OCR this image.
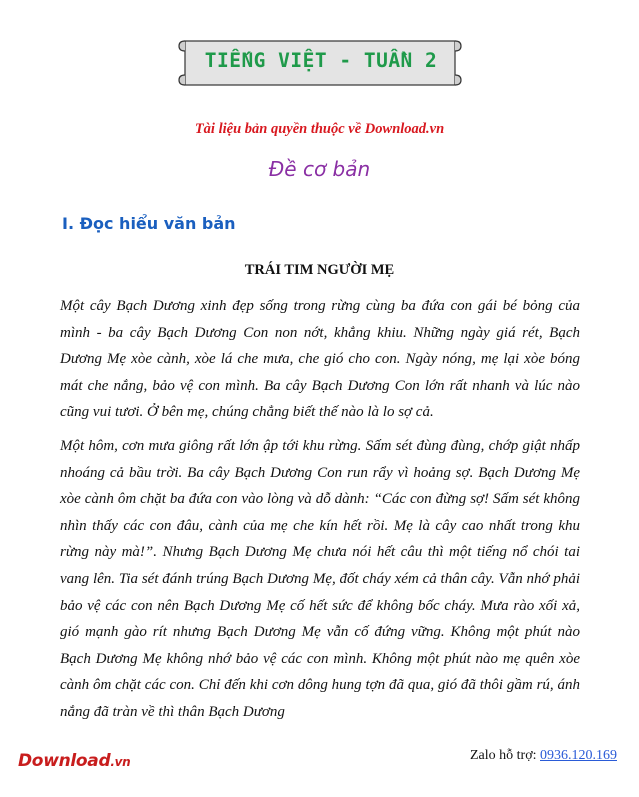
TIẾNG VIỆT - TUẦN 2
Tài liệu bản quyền thuộc về Download.vn
Đề cơ bản
I. Đọc hiểu văn bản
TRÁI TIM NGƯỜI MẸ
Một cây Bạch Dương xinh đẹp sống trong rừng cùng ba đứa con gái bé bỏng của mình - ba cây Bạch Dương Con non nớt, khẳng khiu. Những ngày giá rét, Bạch Dương Mẹ xòe cành, xòe lá che mưa, che gió cho con. Ngày nóng, mẹ lại xòe bóng mát che nắng, bảo vệ con mình. Ba cây Bạch Dương Con lớn rất nhanh và lúc nào cũng vui tươi. Ở bên mẹ, chúng chẳng biết thế nào là lo sợ cả.
Một hôm, cơn mưa giông rất lớn ập tới khu rừng. Sấm sét đùng đùng, chớp giật nhấp nhoáng cả bầu trời. Ba cây Bạch Dương Con run rẩy vì hoảng sợ. Bạch Dương Mẹ xòe cành ôm chặt ba đứa con vào lòng và dỗ dành: “Các con đừng sợ! Sấm sét không nhìn thấy các con đâu, cành của mẹ che kín hết rồi. Mẹ là cây cao nhất trong khu rừng này mà!”. Nhưng Bạch Dương Mẹ chưa nói hết câu thì một tiếng nổ chói tai vang lên. Tia sét đánh trúng Bạch Dương Mẹ, đốt cháy xém cả thân cây. Vẫn nhớ phải bảo vệ các con nên Bạch Dương Mẹ cố hết sức để không bốc cháy. Mưa rào xối xả, gió mạnh gào rít nhưng Bạch Dương Mẹ vẫn cố đứng vững. Không một phút nào Bạch Dương Mẹ không nhớ bảo vệ các con mình. Không một phút nào mẹ quên xòe cành ôm chặt các con. Chỉ đến khi cơn dông hung tợn đã qua, gió đã thôi gầm rú, ánh nắng đã tràn về thì thân Bạch Dương
Download.vn	Zalo hỗ trợ: 0936.120.169
